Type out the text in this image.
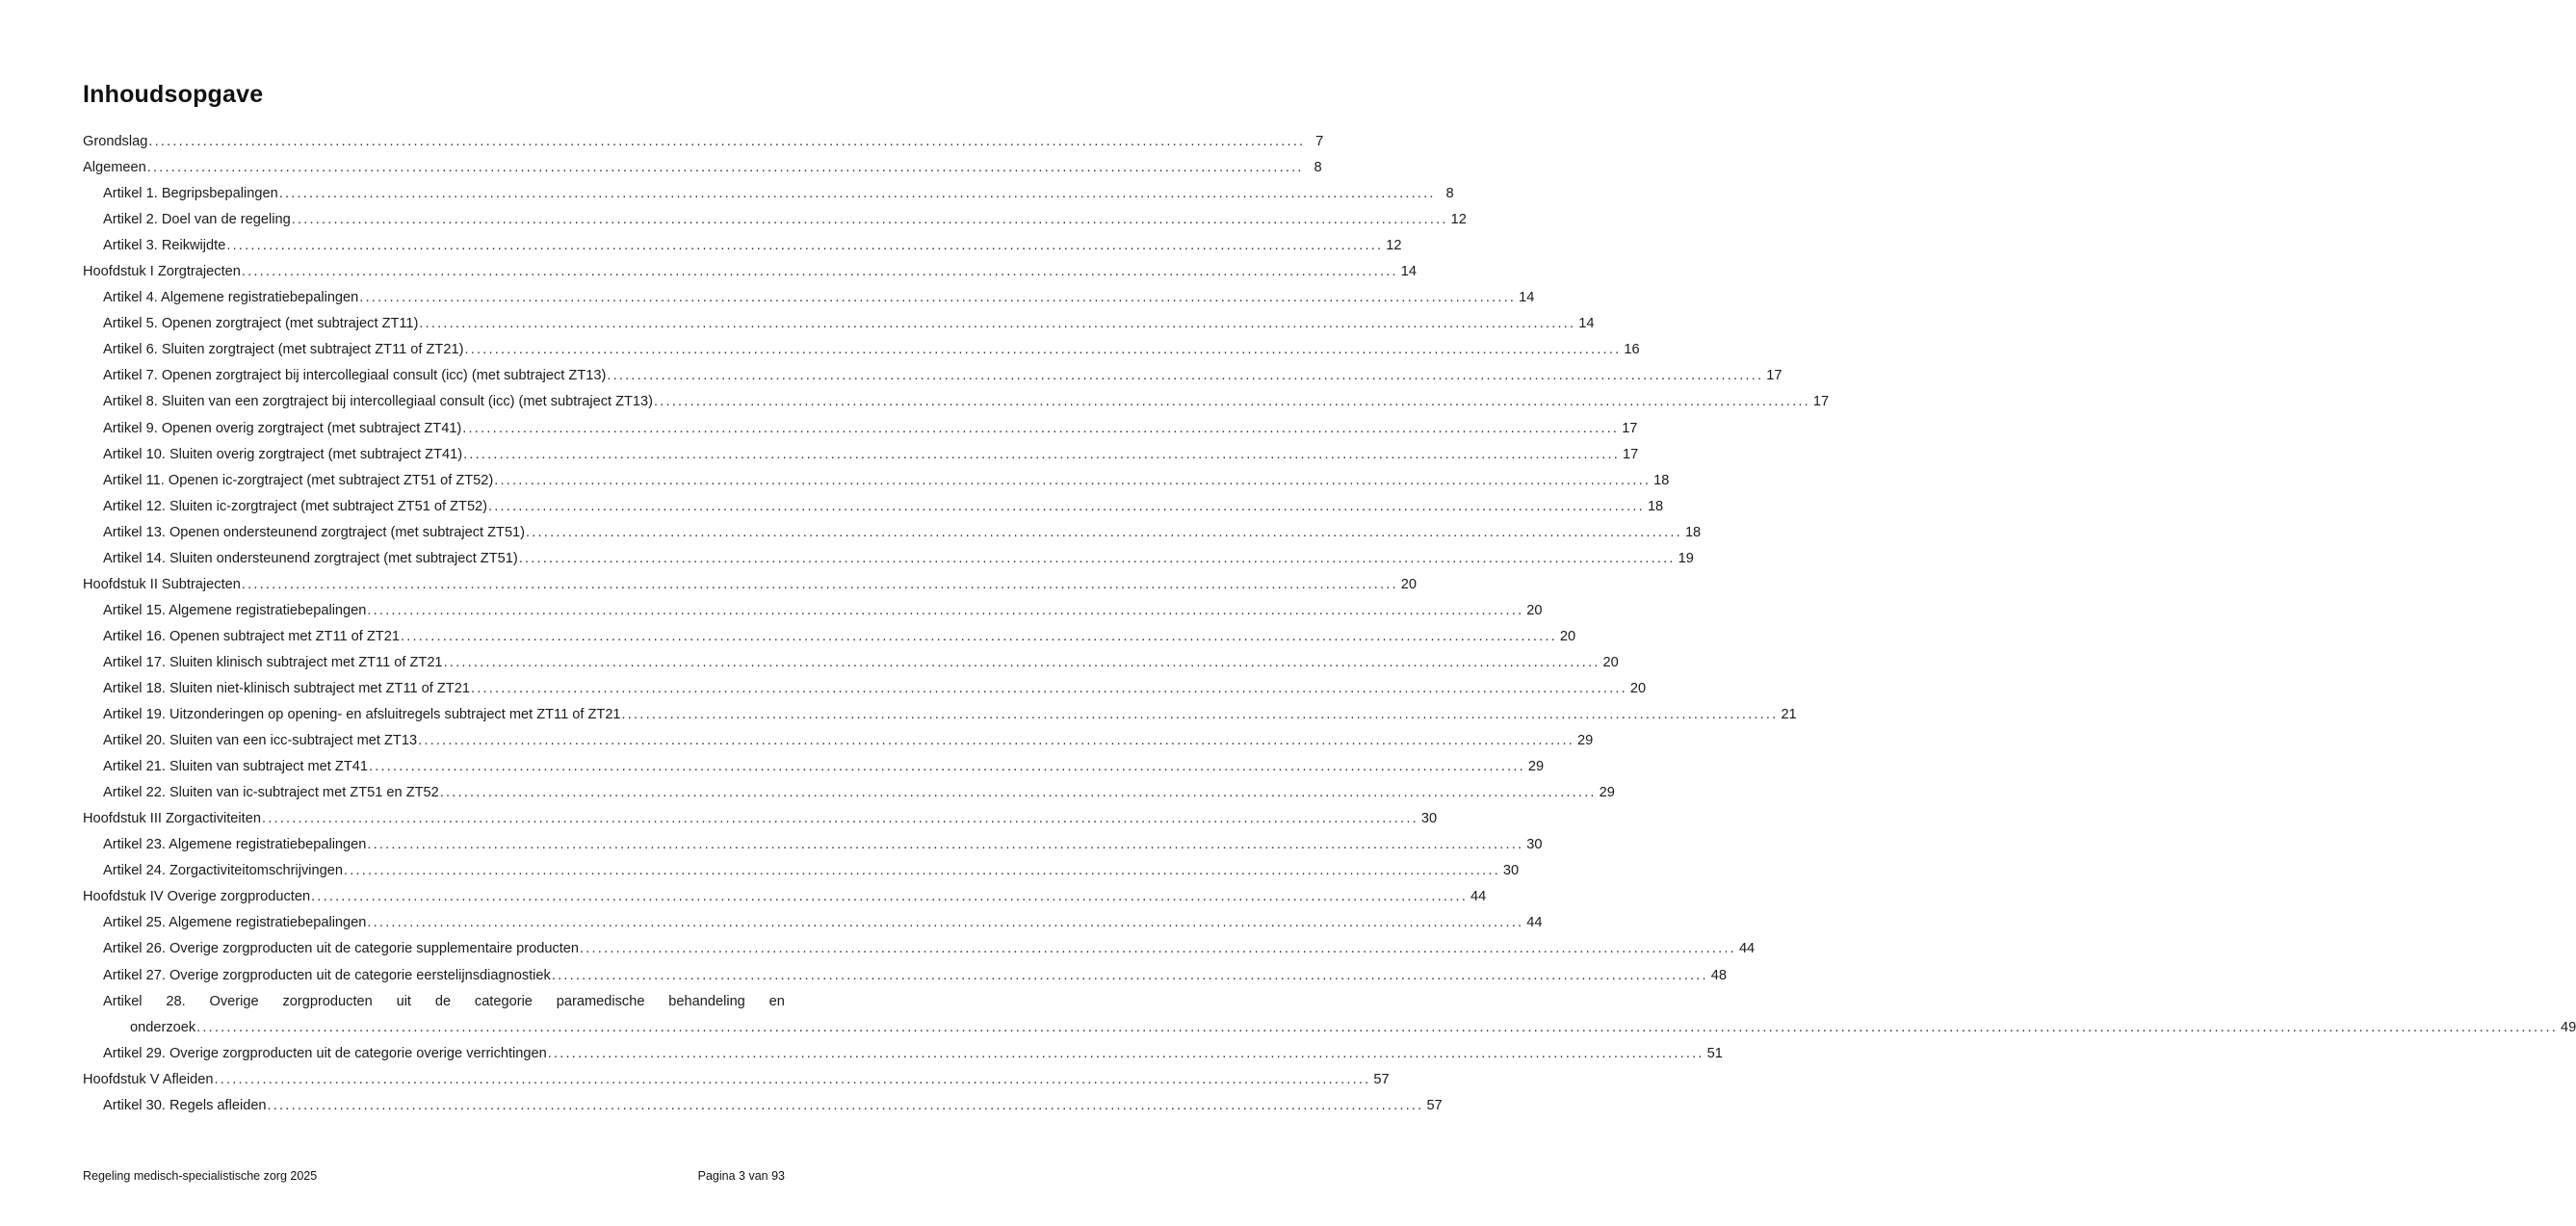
Inhoudsopgave
Grondslag .....	7
Algemeen .....	8
Artikel 1. Begripsbepalingen .....	8
Artikel 2. Doel van de regeling .....	12
Artikel 3. Reikwijdte .....	12
Hoofdstuk I Zorgtrajecten .....	14
Artikel 4. Algemene registratiebepalingen .....	14
Artikel 5. Openen zorgtraject (met subtraject ZT11) .....	14
Artikel 6. Sluiten zorgtraject (met subtraject ZT11 of ZT21) .....	16
Artikel 7. Openen zorgtraject bij intercollegiaal consult (icc) (met subtraject ZT13) .....	17
Artikel 8. Sluiten van een zorgtraject bij intercollegiaal consult (icc) (met subtraject ZT13) .....	17
Artikel 9. Openen overig zorgtraject (met subtraject ZT41) .....	17
Artikel 10. Sluiten overig zorgtraject (met subtraject ZT41) .....	17
Artikel 11. Openen ic-zorgtraject (met subtraject ZT51 of ZT52) .....	18
Artikel 12. Sluiten ic-zorgtraject (met subtraject ZT51 of ZT52) .....	18
Artikel 13. Openen ondersteunend zorgtraject (met subtraject ZT51) .....	18
Artikel 14. Sluiten ondersteunend zorgtraject (met subtraject ZT51) .....	19
Hoofdstuk II Subtrajecten .....	20
Artikel 15. Algemene registratiebepalingen .....	20
Artikel 16. Openen subtraject met ZT11 of ZT21 .....	20
Artikel 17. Sluiten klinisch subtraject met ZT11 of ZT21 .....	20
Artikel 18. Sluiten niet-klinisch subtraject met ZT11 of ZT21 .....	20
Artikel 19. Uitzonderingen op opening- en afsluitregels subtraject met ZT11 of ZT21 .....	21
Artikel 20. Sluiten van een icc-subtraject met ZT13 .....	29
Artikel 21. Sluiten van subtraject met ZT41 .....	29
Artikel 22. Sluiten van ic-subtraject met ZT51 en ZT52 .....	29
Hoofdstuk III Zorgactiviteiten .....	30
Artikel 23. Algemene registratiebepalingen .....	30
Artikel 24. Zorgactiviteitomschrijvingen .....	30
Hoofdstuk IV Overige zorgproducten .....	44
Artikel 25. Algemene registratiebepalingen .....	44
Artikel 26. Overige zorgproducten uit de categorie supplementaire producten .....	44
Artikel 27. Overige zorgproducten uit de categorie eerstelijnsdiagnostiek .....	48
Artikel 28. Overige zorgproducten uit de categorie paramedische behandeling en
onderzoek ........................................................................................................................................................................................................ .....	49
Artikel 29. Overige zorgproducten uit de categorie overige verrichtingen .....	51
Hoofdstuk V Afleiden .....	57
Artikel 30. Regels afleiden .....	57
Regeling medisch-specialistische zorg 2025	Pagina 3 van 93
